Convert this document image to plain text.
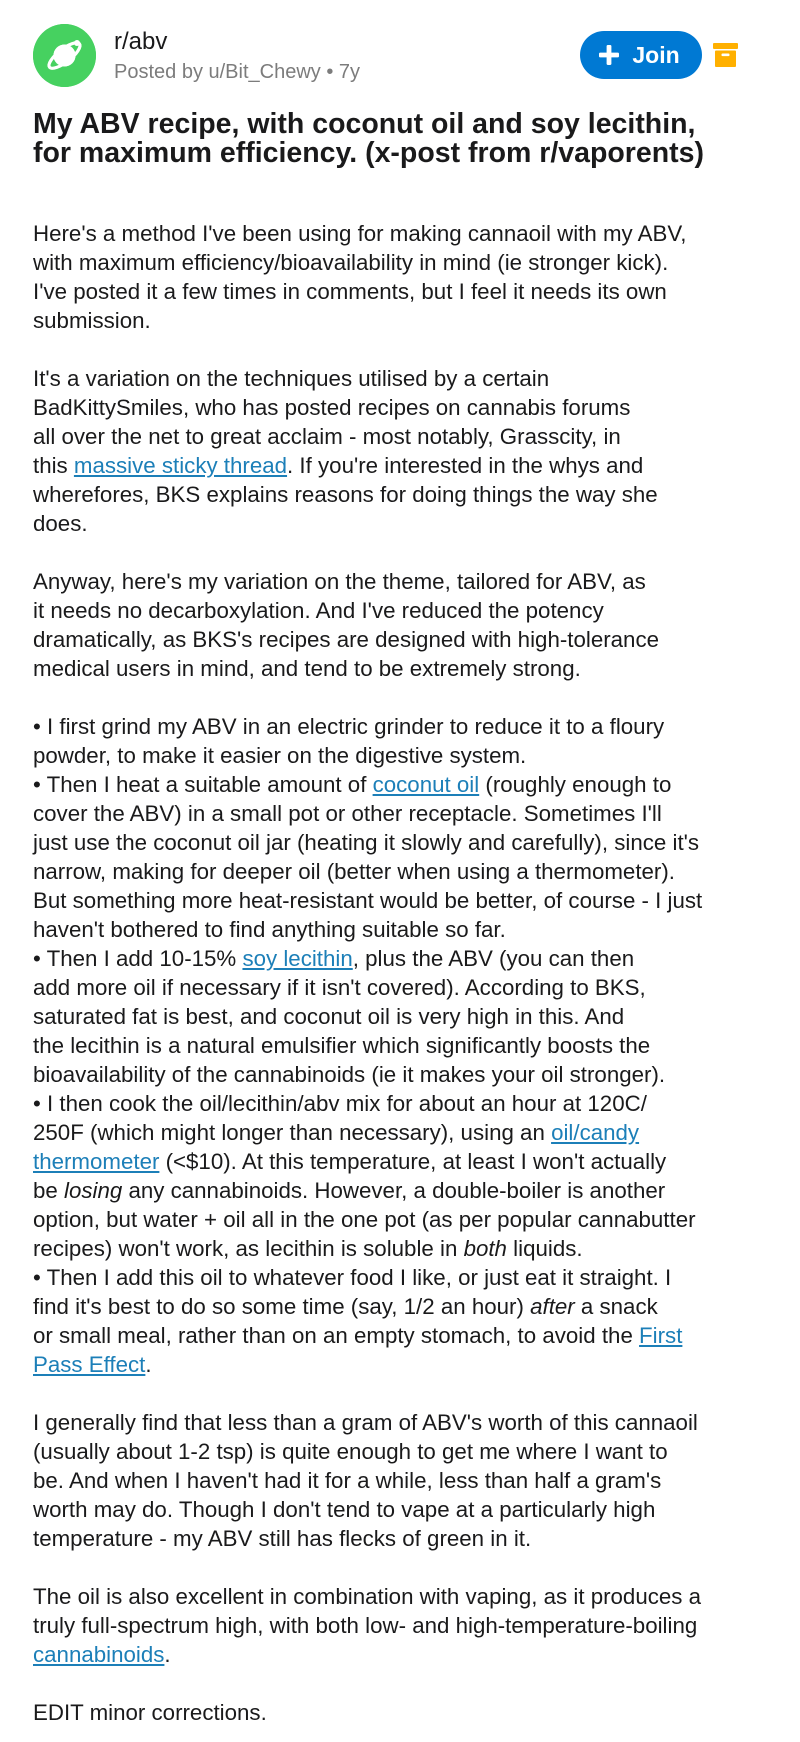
r/abv
Posted by u/Bit_Chewy • 7y
Join
My ABV recipe, with coconut oil and soy lecithin,
for maximum efficiency. (x-post from r/vaporents)
Here's a method I've been using for making cannaoil with my ABV,
with maximum efficiency/bioavailability in mind (ie stronger kick).
I've posted it a few times in comments, but I feel it needs its own
submission.
It's a variation on the techniques utilised by a certain
BadKittySmiles, who has posted recipes on cannabis forums
all over the net to great acclaim - most notably, Grasscity, in
this massive sticky thread. If you're interested in the whys and
wherefores, BKS explains reasons for doing things the way she
does.
Anyway, here's my variation on the theme, tailored for ABV, as
it needs no decarboxylation. And I've reduced the potency
dramatically, as BKS's recipes are designed with high-tolerance
medical users in mind, and tend to be extremely strong.
• I first grind my ABV in an electric grinder to reduce it to a floury
powder, to make it easier on the digestive system.
• Then I heat a suitable amount of coconut oil (roughly enough to
cover the ABV) in a small pot or other receptacle. Sometimes I'll
just use the coconut oil jar (heating it slowly and carefully), since it's
narrow, making for deeper oil (better when using a thermometer).
But something more heat-resistant would be better, of course - I just
haven't bothered to find anything suitable so far.
• Then I add 10-15% soy lecithin, plus the ABV (you can then
add more oil if necessary if it isn't covered). According to BKS,
saturated fat is best, and coconut oil is very high in this. And
the lecithin is a natural emulsifier which significantly boosts the
bioavailability of the cannabinoids (ie it makes your oil stronger).
• I then cook the oil/lecithin/abv mix for about an hour at 120C/
250F (which might longer than necessary), using an oil/candy
thermometer (<$10). At this temperature, at least I won't actually
be losing any cannabinoids. However, a double-boiler is another
option, but water + oil all in the one pot (as per popular cannabutter
recipes) won't work, as lecithin is soluble in both liquids.
• Then I add this oil to whatever food I like, or just eat it straight. I
find it's best to do so some time (say, 1/2 an hour) after a snack
or small meal, rather than on an empty stomach, to avoid the First
Pass Effect.
I generally find that less than a gram of ABV's worth of this cannaoil
(usually about 1-2 tsp) is quite enough to get me where I want to
be. And when I haven't had it for a while, less than half a gram's
worth may do. Though I don't tend to vape at a particularly high
temperature - my ABV still has flecks of green in it.
The oil is also excellent in combination with vaping, as it produces a
truly full-spectrum high, with both low- and high-temperature-boiling
cannabinoids.
EDIT minor corrections.
